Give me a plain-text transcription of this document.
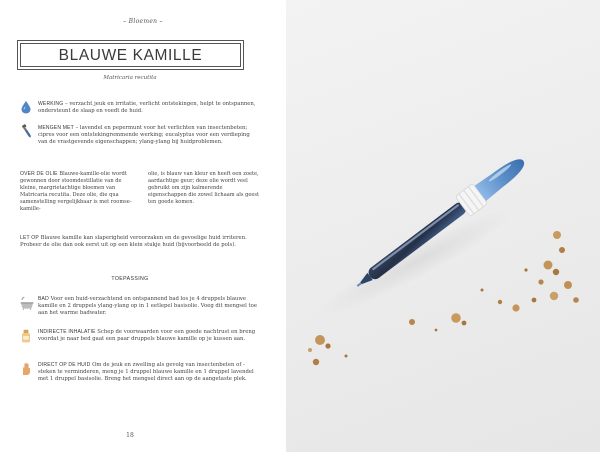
– Bloemen –
BLAUWE KAMILLE
Matricaria recutita
WERKING – verzacht jeuk en irritatie, verlicht ontstekingen, helpt te ontspannen, ondersteunt de slaap en voedt de huid.
MENGEN MET – lavendel en pepermunt voor het verlichten van insectenbeten; cipres voor een ontstekingremmende werking; eucalyptus voor een verdieping van de vrastgevende eigenschappen; ylang-ylang bij huidproblemen.
OVER DE OLIE Blauwe-kamille-olie wordt gewonnen door stoomdestillatie van de kleine, margrietachtige bloemen van Matricaria recutita. Deze olie, die qua samenstelling vergelijkbaar is met roomse-kamille-
olie, is blauw van kleur en heeft een zoete, aardachtige geur; deze olie wordt veel gebruikt om zijn kalmerende eigenschappen die zowel lichaam als geest ten goede komen.
LET OP Blauwe kamille kan slaperigheid veroorzaken en de gevoelige huid irriteren. Probeer de olie dan ook eerst uit op een klein stukje huid (bijvoorbeeld de pols).
TOEPASSING
BAD Voor een huid-verzachtend en ontspannend bad los je 4 druppels blauwe kamille en 2 druppels ylang-ylang op in 1 eetlepel basisolie. Voeg dit mengsel toe aan het warme badwater.
INDIRECTE INHALATIE Schep de voorwaarden voor een goede nachtrust en breng voordat je naar bed gaat een paar druppels blauwe kamille op je kussen aan.
DIRECT OP DE HUID Om de jeuk en zwelling als gevolg van insectenbeten of -steken te verminderen, meng je 1 druppel blauwe kamille en 1 druppel lavendel met 1 druppel basisolie. Breng het mengsel direct aan op de aangetaste plek.
18
